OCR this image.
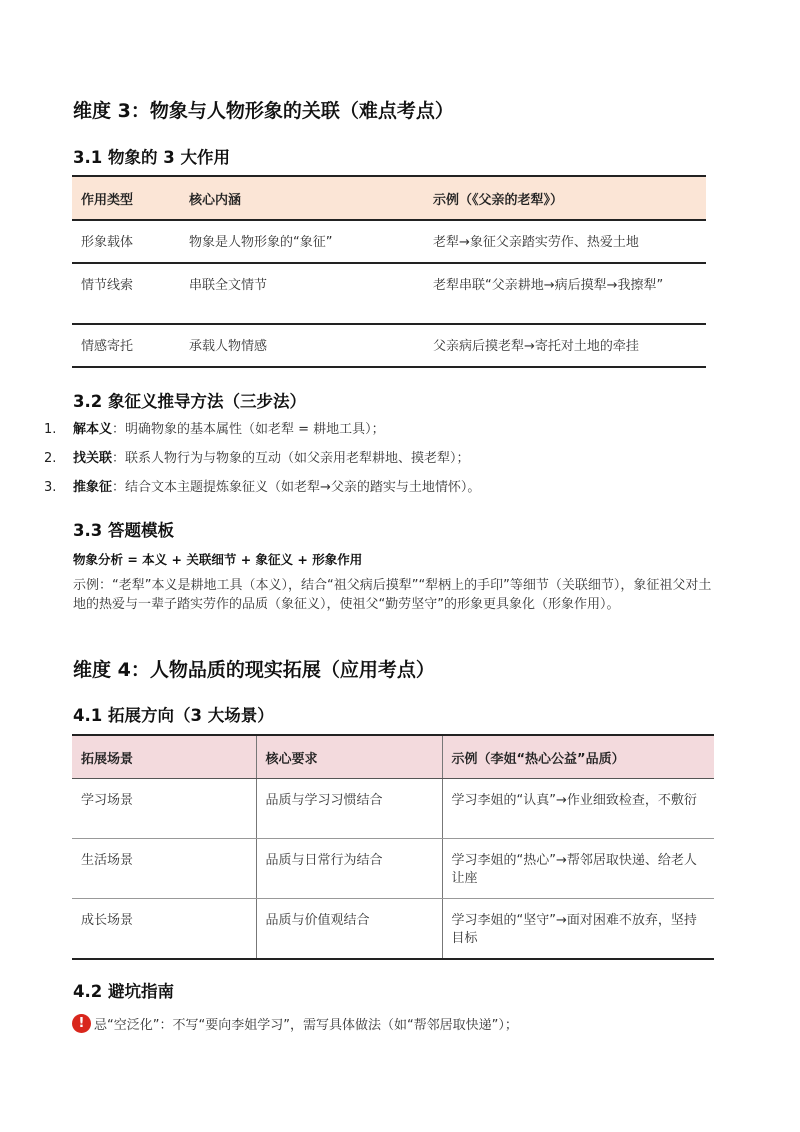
维度 3：物象与人物形象的关联（难点考点）
3.1 物象的 3 大作用
作用类型	核心内涵	示例（《父亲的老犁》）
形象载体	物象是人物形象的“象征”	老犁→象征父亲踏实劳作、热爱土地
情节线索	串联全文情节	老犁串联“父亲耕地→病后摸犁→我擦犁”
情感寄托	承载人物情感	父亲病后摸老犁→寄托对土地的牵挂
3.2 象征义推导方法（三步法）
1. 解本义：明确物象的基本属性（如老犁 = 耕地工具）；
2. 找关联：联系人物行为与物象的互动（如父亲用老犁耕地、摸老犁）；
3. 推象征：结合文本主题提炼象征义（如老犁→父亲的踏实与土地情怀）。
3.3 答题模板
物象分析 = 本义 + 关联细节 + 象征义 + 形象作用

示例：“老犁”本义是耕地工具（本义），结合“祖父病后摸犁”“犁柄上的手印”等细节（关联细节），象征祖父对土地的热爱与一辈子踏实劳作的品质（象征义），使祖父“勤劳坚守”的形象更具象化（形象作用）。

维度 4：人物品质的现实拓展（应用考点）
4.1 拓展方向（3 大场景）
拓展场景	核心要求	示例（李姐“热心公益”品质）
学习场景	品质与学习习惯结合	学习李姐的“认真”→作业细致检查，不敷衍
生活场景	品质与日常行为结合	学习李姐的“热心”→帮邻居取快递、给老人让座
成长场景	品质与价值观结合	学习李姐的“坚守”→面对困难不放弃，坚持目标
4.2 避坑指南
! 忌“空泛化”：不写“要向李姐学习”，需写具体做法（如“帮邻居取快递”）；
